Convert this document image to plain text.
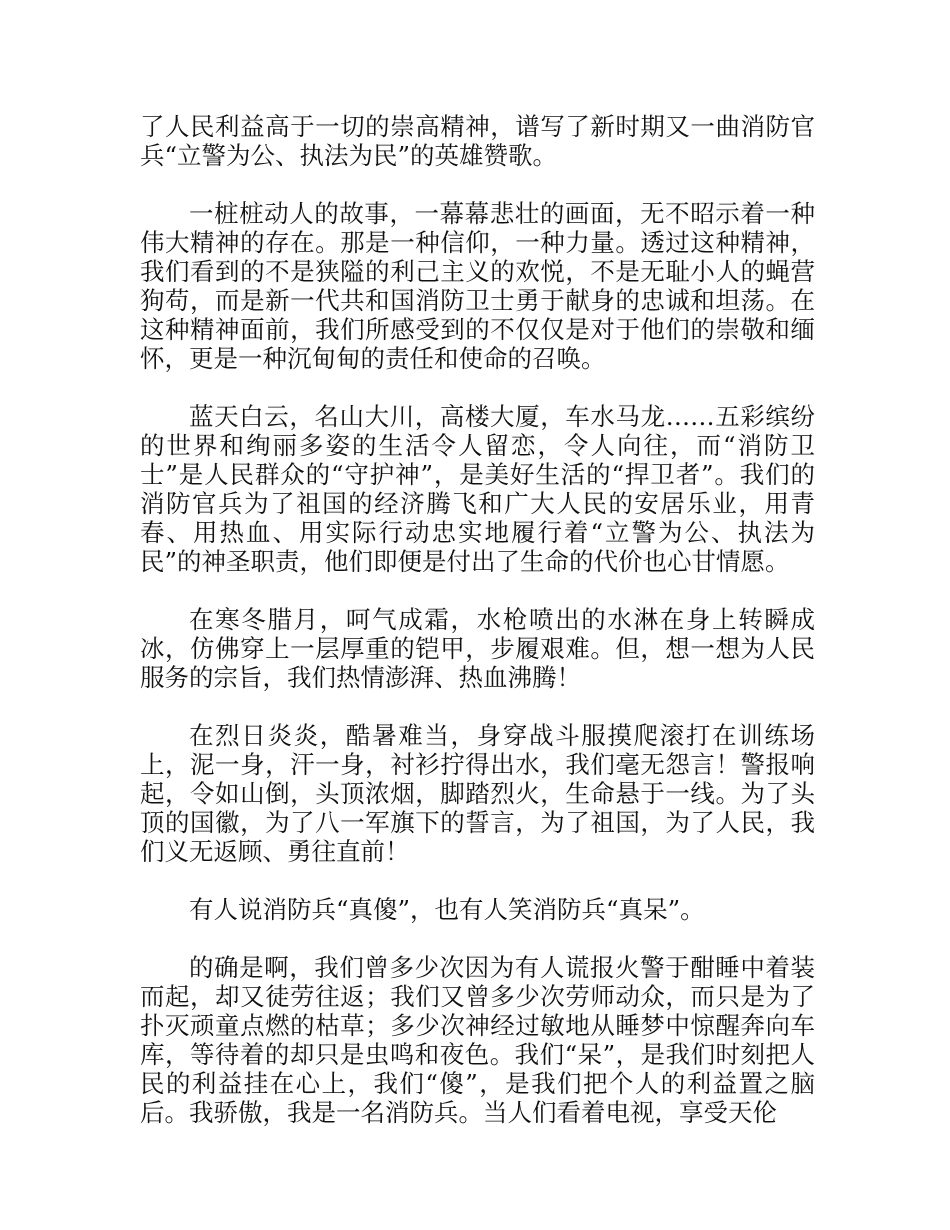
了人民利益高于一切的崇高精神，谱写了新时期又一曲消防官兵“立警为公、执法为民”的英雄赞歌。

一桩桩动人的故事，一幕幕悲壮的画面，无不昭示着一种伟大精神的存在。那是一种信仰，一种力量。透过这种精神，我们看到的不是狭隘的利己主义的欢悦，不是无耻小人的蝇营狗苟，而是新一代共和国消防卫士勇于献身的忠诚和坦荡。在这种精神面前，我们所感受到的不仅仅是对于他们的崇敬和缅怀，更是一种沉甸甸的责任和使命的召唤。

蓝天白云，名山大川，高楼大厦，车水马龙……五彩缤纷的世界和绚丽多姿的生活令人留恋，令人向往，而“消防卫士”是人民群众的“守护神”，是美好生活的“捍卫者”。我们的消防官兵为了祖国的经济腾飞和广大人民的安居乐业，用青春、用热血、用实际行动忠实地履行着“立警为公、执法为民”的神圣职责，他们即便是付出了生命的代价也心甘情愿。

在寒冬腊月，呵气成霜，水枪喷出的水淋在身上转瞬成冰，仿佛穿上一层厚重的铠甲，步履艰难。但，想一想为人民服务的宗旨，我们热情澎湃、热血沸腾！

在烈日炎炎，酷暑难当，身穿战斗服摸爬滚打在训练场上，泥一身，汗一身，衬衫拧得出水，我们毫无怨言！警报响起，令如山倒，头顶浓烟，脚踏烈火，生命悬于一线。为了头顶的国徽，为了八一军旗下的誓言，为了祖国，为了人民，我们义无返顾、勇往直前！

有人说消防兵“真傻”，也有人笑消防兵“真呆”。

的确是啊，我们曾多少次因为有人谎报火警于酣睡中着装而起，却又徒劳往返；我们又曾多少次劳师动众，而只是为了扑灭顽童点燃的枯草；多少次神经过敏地从睡梦中惊醒奔向车库，等待着的却只是虫鸣和夜色。我们“呆”，是我们时刻把人民的利益挂在心上，我们“傻”，是我们把个人的利益置之脑后。我骄傲，我是一名消防兵。当人们看着电视，享受天伦
